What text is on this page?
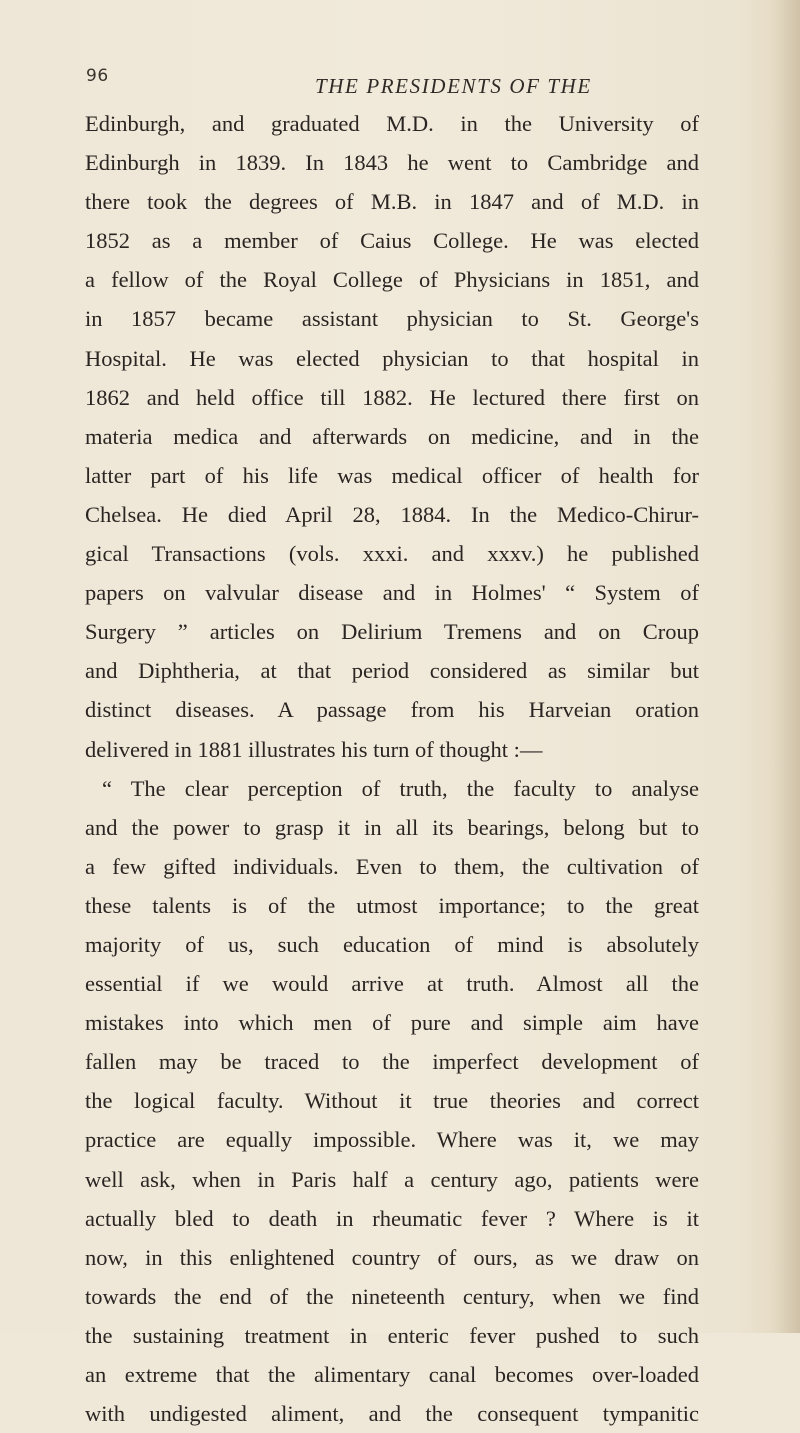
96	THE PRESIDENTS OF THE
Edinburgh, and graduated M.D. in the University of
Edinburgh in 1839. In 1843 he went to Cambridge and
there took the degrees of M.B. in 1847 and of M.D. in
1852 as a member of Caius College. He was elected
a fellow of the Royal College of Physicians in 1851, and
in 1857 became assistant physician to St. George's
Hospital. He was elected physician to that hospital in
1862 and held office till 1882. He lectured there first on
materia medica and afterwards on medicine, and in the
latter part of his life was medical officer of health for
Chelsea. He died April 28, 1884. In the Medico-Chirur-
gical Transactions (vols. xxxi. and xxxv.) he published
papers on valvular disease and in Holmes' “ System of
Surgery ” articles on Delirium Tremens and on Croup
and Diphtheria, at that period considered as similar but
distinct diseases. A passage from his Harveian oration
delivered in 1881 illustrates his turn of thought :—
“ The clear perception of truth, the faculty to analyse
and the power to grasp it in all its bearings, belong but to
a few gifted individuals. Even to them, the cultivation of
these talents is of the utmost importance; to the great
majority of us, such education of mind is absolutely
essential if we would arrive at truth. Almost all the
mistakes into which men of pure and simple aim have
fallen may be traced to the imperfect development of
the logical faculty. Without it true theories and correct
practice are equally impossible. Where was it, we may
well ask, when in Paris half a century ago, patients were
actually bled to death in rheumatic fever ? Where is it
now, in this enlightened country of ours, as we draw on
towards the end of the nineteenth century, when we find
the sustaining treatment in enteric fever pushed to such
an extreme that the alimentary canal becomes over-loaded
with undigested aliment, and the consequent tympanitic
